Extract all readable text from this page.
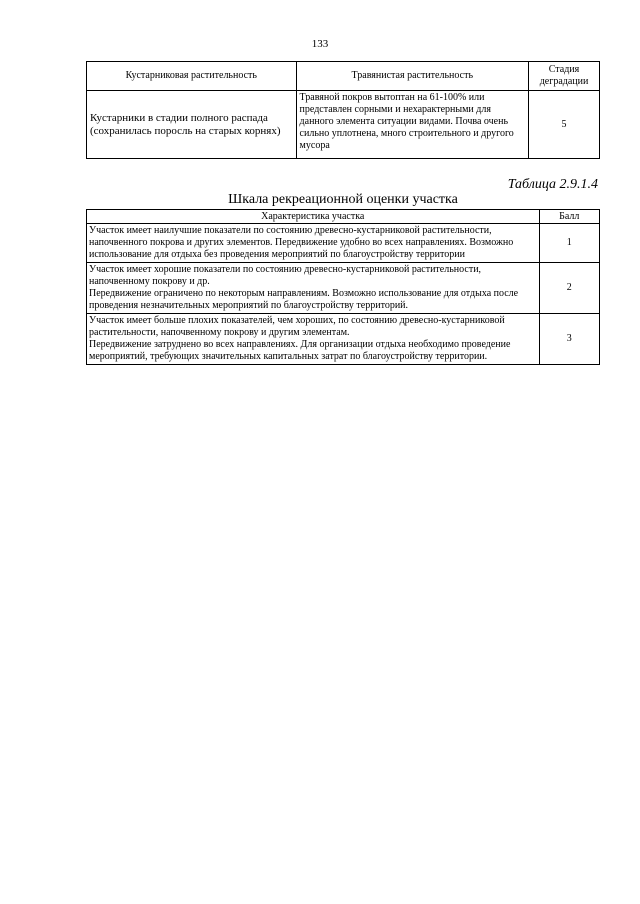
133
Кустарниковая растительность	Травянистая растительность	Стадия деградации
Кустарники в стадии полного распада (сохранилась поросль на старых корнях)	Травяной покров вытоптан на 61-100% или представлен сорными и нехарактерными для данного элемента ситуации видами. Почва очень сильно уплотнена, много строительного и другого мусора	5
Таблица 2.9.1.4
Шкала рекреационной оценки участка
Характеристика участка	Балл
Участок имеет наилучшие показатели по состоянию древесно-кустарниковой растительности, напочвенного покрова и других элементов. Передвижение удобно во всех направлениях. Возможно использование для отдыха без проведения мероприятий по благоустройству территории	1
Участок имеет хорошие показатели по состоянию древесно-кустарниковой растительности, напочвенному покрову и др.
Передвижение ограничено по некоторым направлениям. Возможно использование для отдыха после проведения незначительных мероприятий по благоустройству территорий.	2
Участок имеет больше плохих показателей, чем хороших, по состоянию древесно-кустарниковой растительности, напочвенному покрову и другим элементам.
Передвижение затруднено во всех направлениях. Для организации отдыха необходимо проведение мероприятий, требующих значительных капитальных затрат по благоустройству территории.	3
